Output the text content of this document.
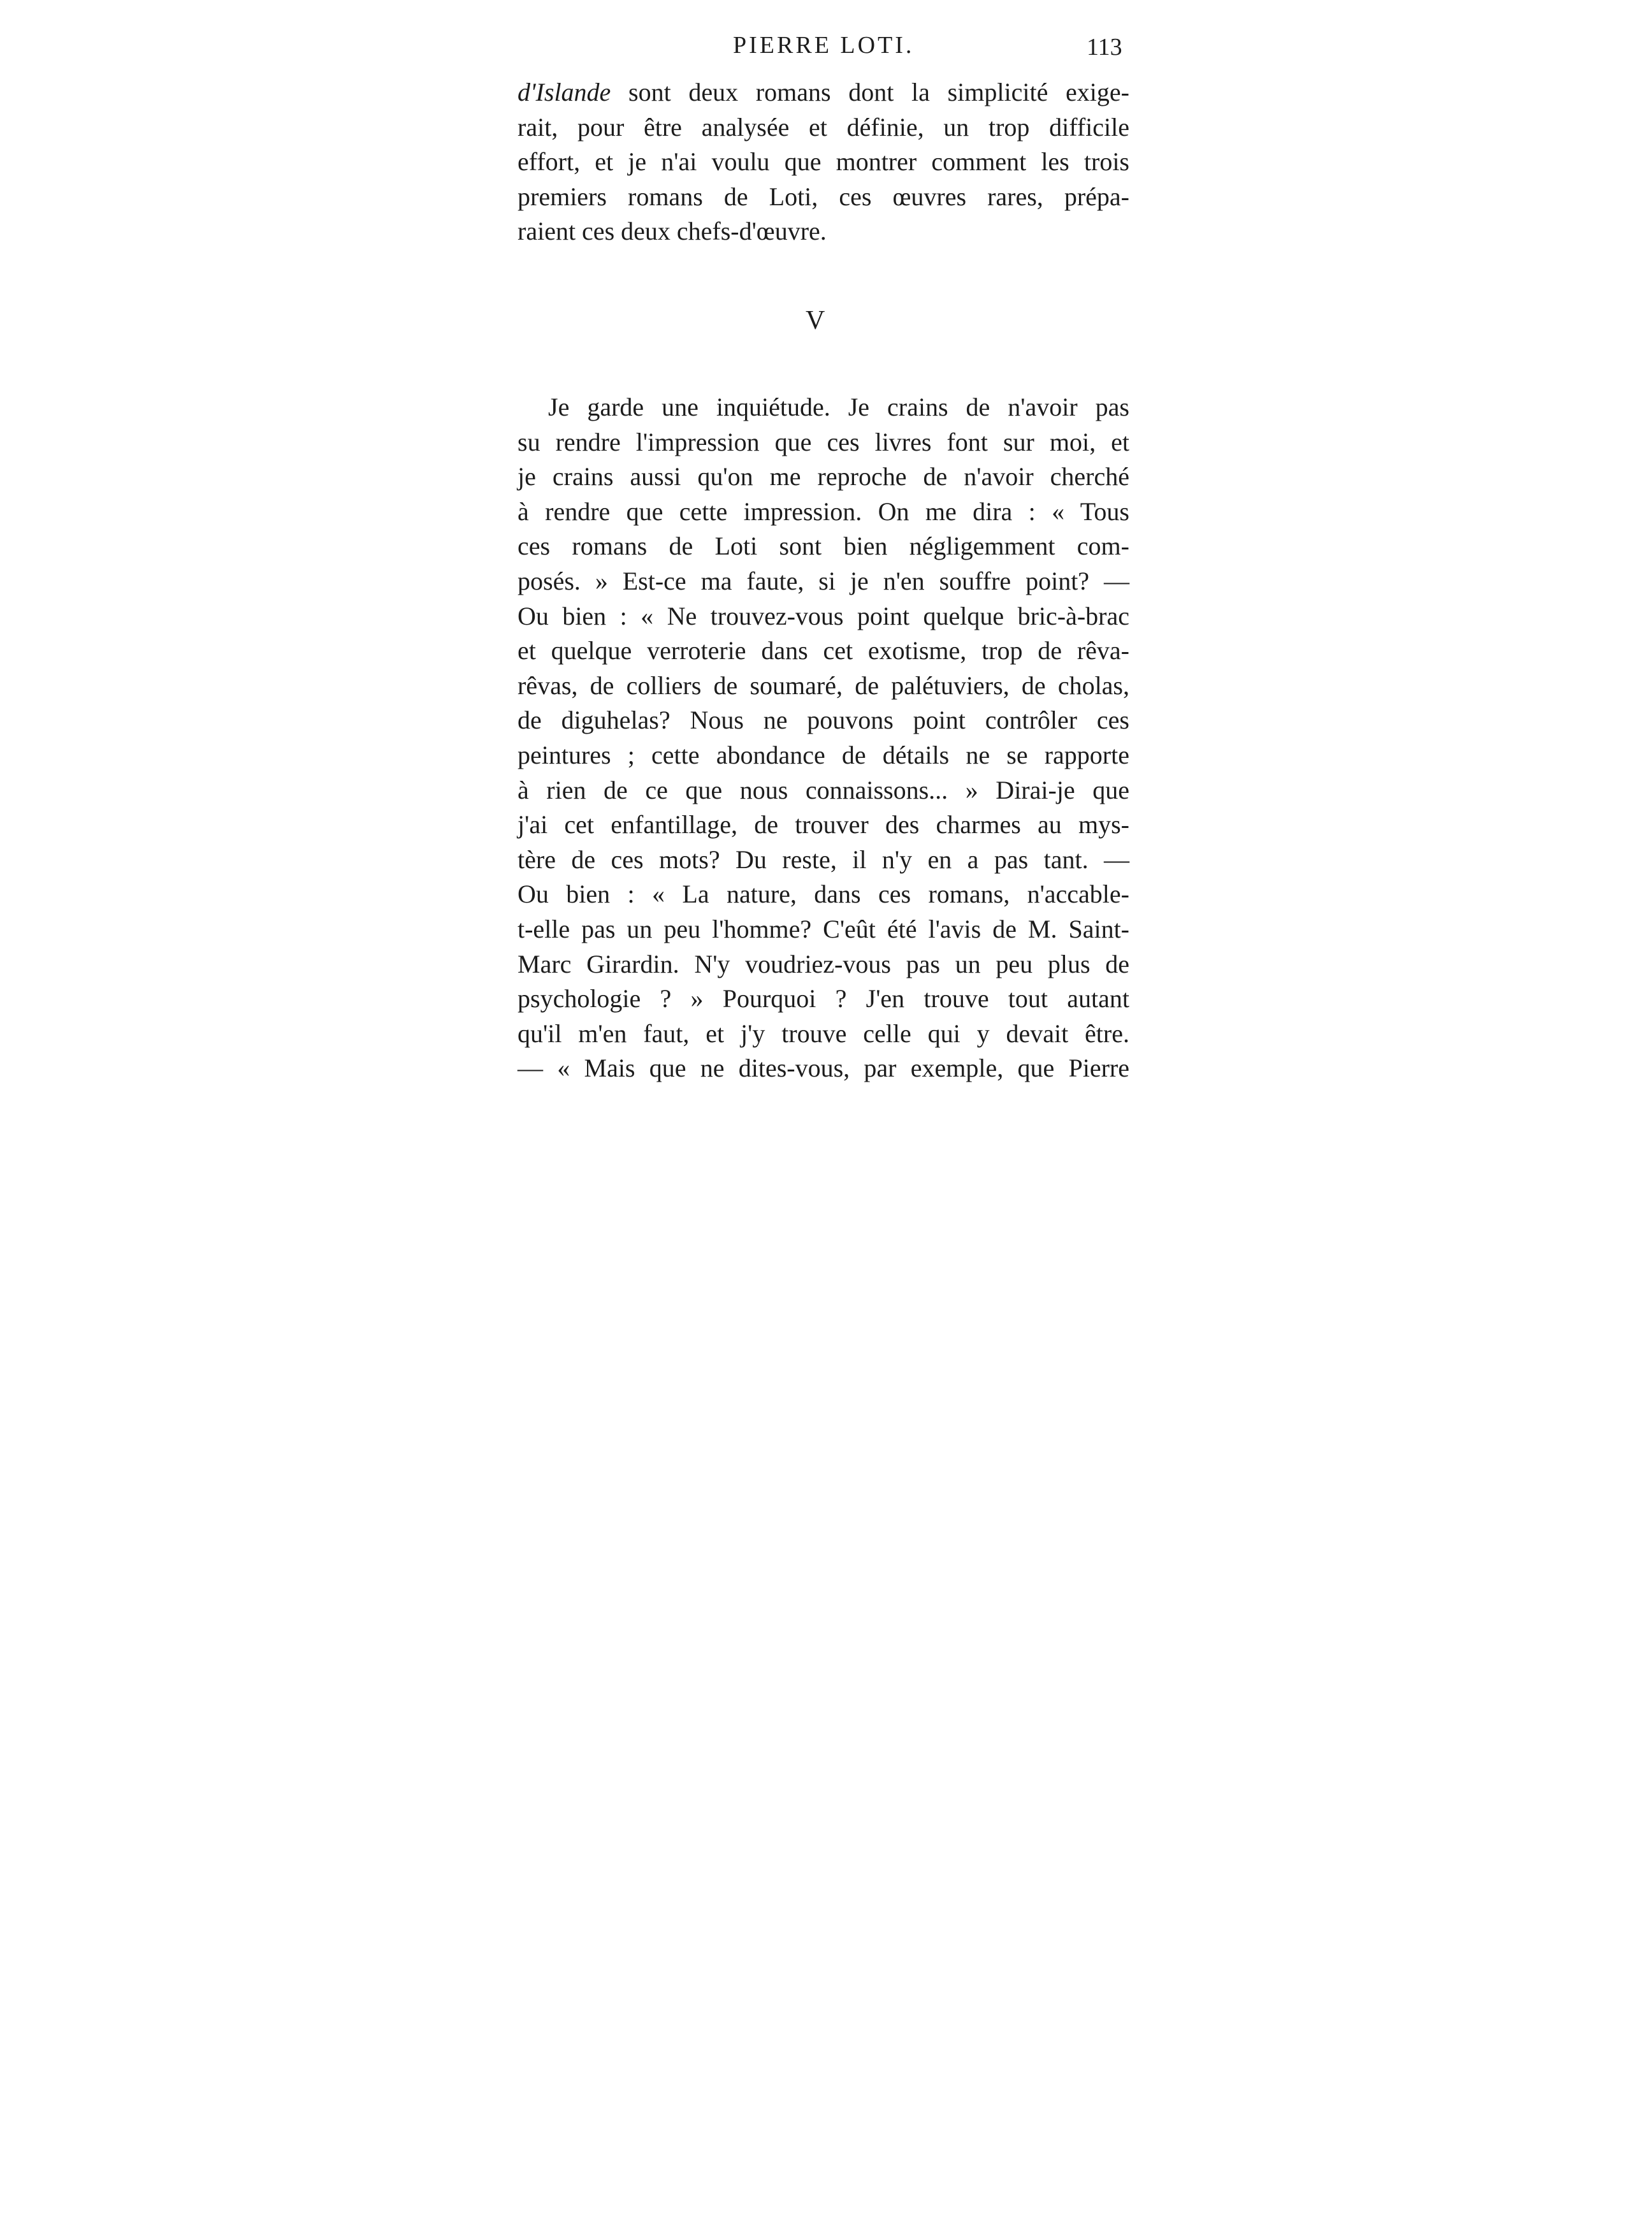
PIERRE LOTI.	113
d'Islande sont deux romans dont la simplicité exige-
rait, pour être analysée et définie, un trop difficile
effort, et je n'ai voulu que montrer comment les trois
premiers romans de Loti, ces œuvres rares, prépa-
raient ces deux chefs-d'œuvre.
V
Je garde une inquiétude. Je crains de n'avoir pas
su rendre l'impression que ces livres font sur moi, et
je crains aussi qu'on me reproche de n'avoir cherché
à rendre que cette impression. On me dira : « Tous
ces romans de Loti sont bien négligemment com-
posés. » Est-ce ma faute, si je n'en souffre point? —
Ou bien : « Ne trouvez-vous point quelque bric-à-brac
et quelque verroterie dans cet exotisme, trop de rêva-
rêvas, de colliers de soumaré, de palétuviers, de cholas,
de diguhelas? Nous ne pouvons point contrôler ces
peintures ; cette abondance de détails ne se rapporte
à rien de ce que nous connaissons... » Dirai-je que
j'ai cet enfantillage, de trouver des charmes au mys-
tère de ces mots? Du reste, il n'y en a pas tant. —
Ou bien : « La nature, dans ces romans, n'accable-
t-elle pas un peu l'homme? C'eût été l'avis de M. Saint-
Marc Girardin. N'y voudriez-vous pas un peu plus de
psychologie ? » Pourquoi ? J'en trouve tout autant
qu'il m'en faut, et j'y trouve celle qui y devait être.
— « Mais que ne dites-vous, par exemple, que Pierre
